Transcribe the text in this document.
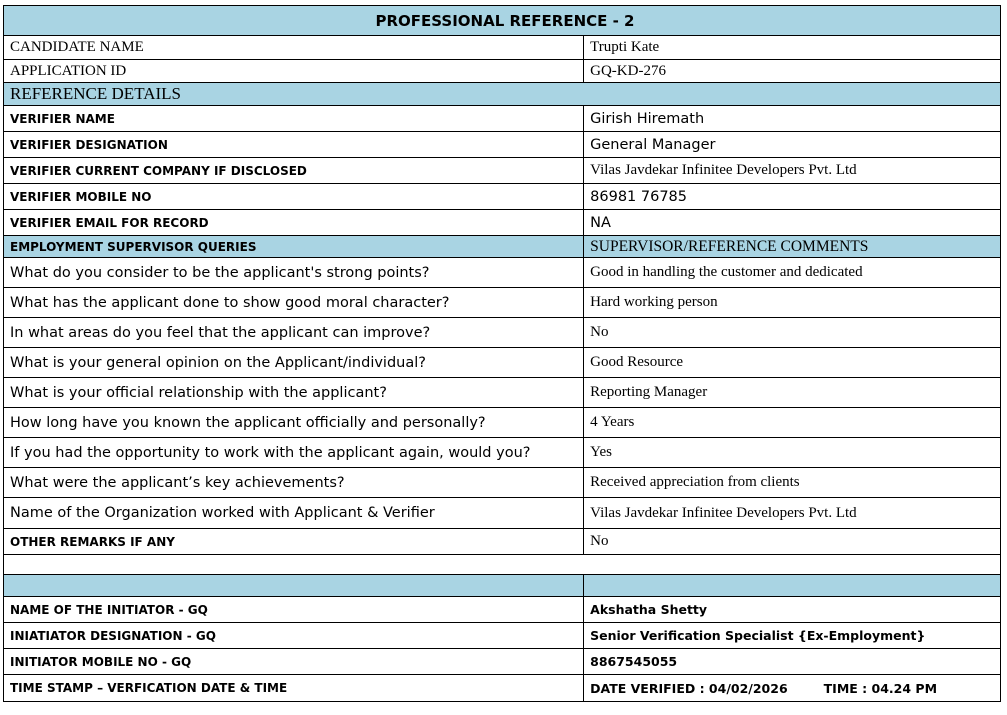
PROFESSIONAL REFERENCE - 2	
CANDIDATE NAME	Trupti Kate
APPLICATION ID	GQ-KD-276
REFERENCE DETAILS	
VERIFIER NAME	Girish Hiremath
VERIFIER DESIGNATION	General Manager
VERIFIER CURRENT COMPANY IF DISCLOSED	Vilas Javdekar Infinitee Developers Pvt. Ltd
VERIFIER MOBILE NO	86981 76785
VERIFIER EMAIL FOR RECORD	NA
EMPLOYMENT SUPERVISOR QUERIES	SUPERVISOR/REFERENCE COMMENTS
What do you consider to be the applicant's strong points?	Good in handling the customer and dedicated
What has the applicant done to show good moral character?	Hard working person
In what areas do you feel that the applicant can improve?	No
What is your general opinion on the Applicant/individual?	Good Resource
What is your official relationship with the applicant?	Reporting Manager
How long have you known the applicant officially and personally?	4 Years
If you had the opportunity to work with the applicant again, would you?	Yes
What were the applicant’s key achievements?	Received appreciation from clients
Name of the Organization worked with Applicant & Verifier	Vilas Javdekar Infinitee Developers Pvt. Ltd
OTHER REMARKS IF ANY	No

NAME OF THE INITIATOR - GQ	Akshatha Shetty
INIATIATOR DESIGNATION - GQ	Senior Verification Specialist {Ex-Employment}
INITIATOR MOBILE NO - GQ	8867545055
TIME STAMP – VERFICATION DATE & TIME	DATE VERIFIED : 04/02/2026 TIME : 04.24 PM
